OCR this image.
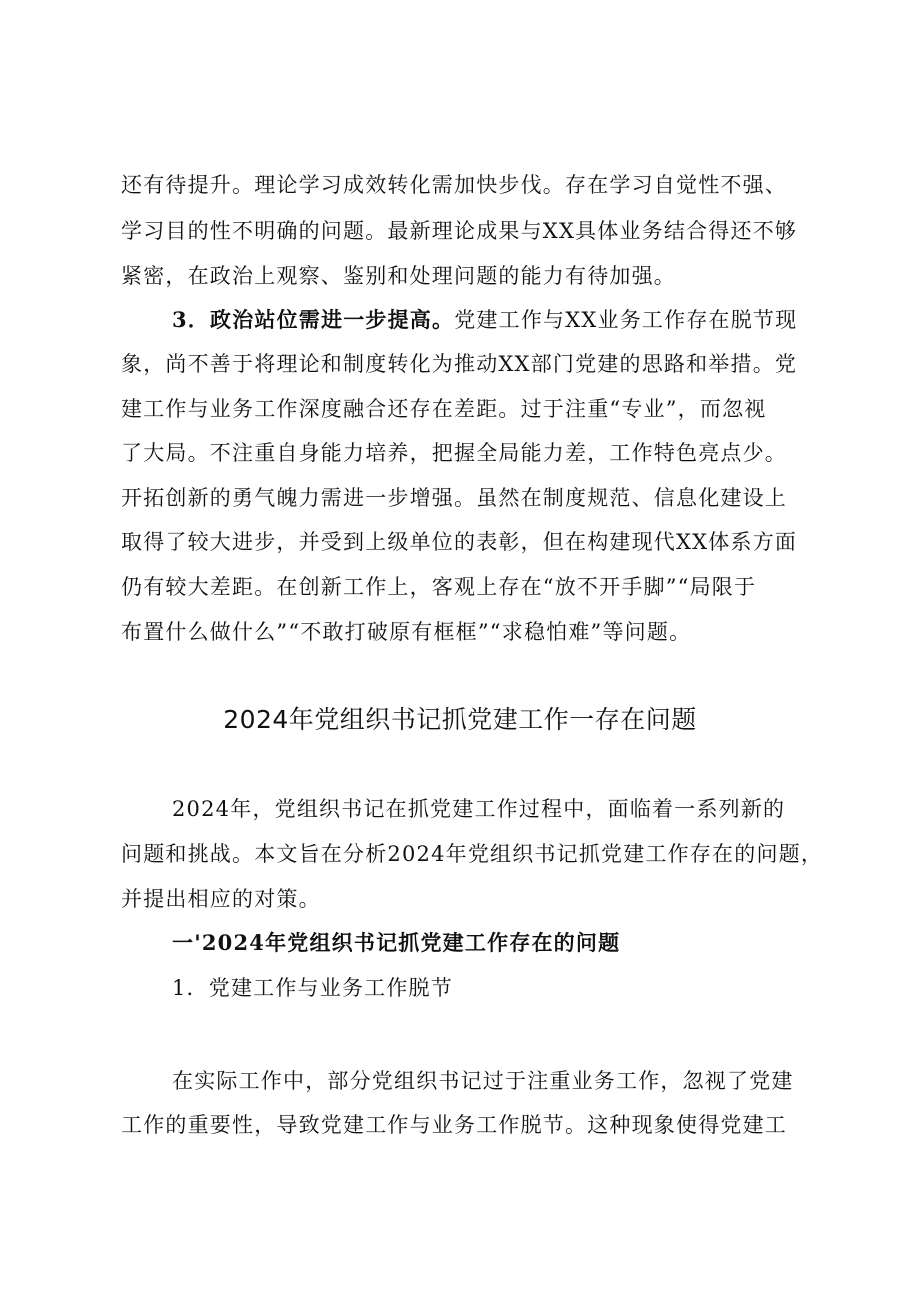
还有待提升。理论学习成效转化需加快步伐。存在学习自觉性不强、
学习目的性不明确的问题。最新理论成果与XX具体业务结合得还不够
紧密，在政治上观察、鉴别和处理问题的能力有待加强。
3．政治站位需进一步提高。党建工作与XX业务工作存在脱节现
象，尚不善于将理论和制度转化为推动XX部门党建的思路和举措。党
建工作与业务工作深度融合还存在差距。过于注重“专业”，而忽视
了大局。不注重自身能力培养，把握全局能力差，工作特色亮点少。
开拓创新的勇气魄力需进一步增强。虽然在制度规范、信息化建设上
取得了较大进步，并受到上级单位的表彰，但在构建现代XX体系方面
仍有较大差距。在创新工作上，客观上存在“放不开手脚”“局限于
布置什么做什么”“不敢打破原有框框”“求稳怕难”等问题。
2024年党组织书记抓党建工作一存在问题
2024年，党组织书记在抓党建工作过程中，面临着一系列新的
问题和挑战。本文旨在分析2024年党组织书记抓党建工作存在的问题，
并提出相应的对策。
一'2024年党组织书记抓党建工作存在的问题
1．党建工作与业务工作脱节
在实际工作中，部分党组织书记过于注重业务工作，忽视了党建
工作的重要性，导致党建工作与业务工作脱节。这种现象使得党建工
